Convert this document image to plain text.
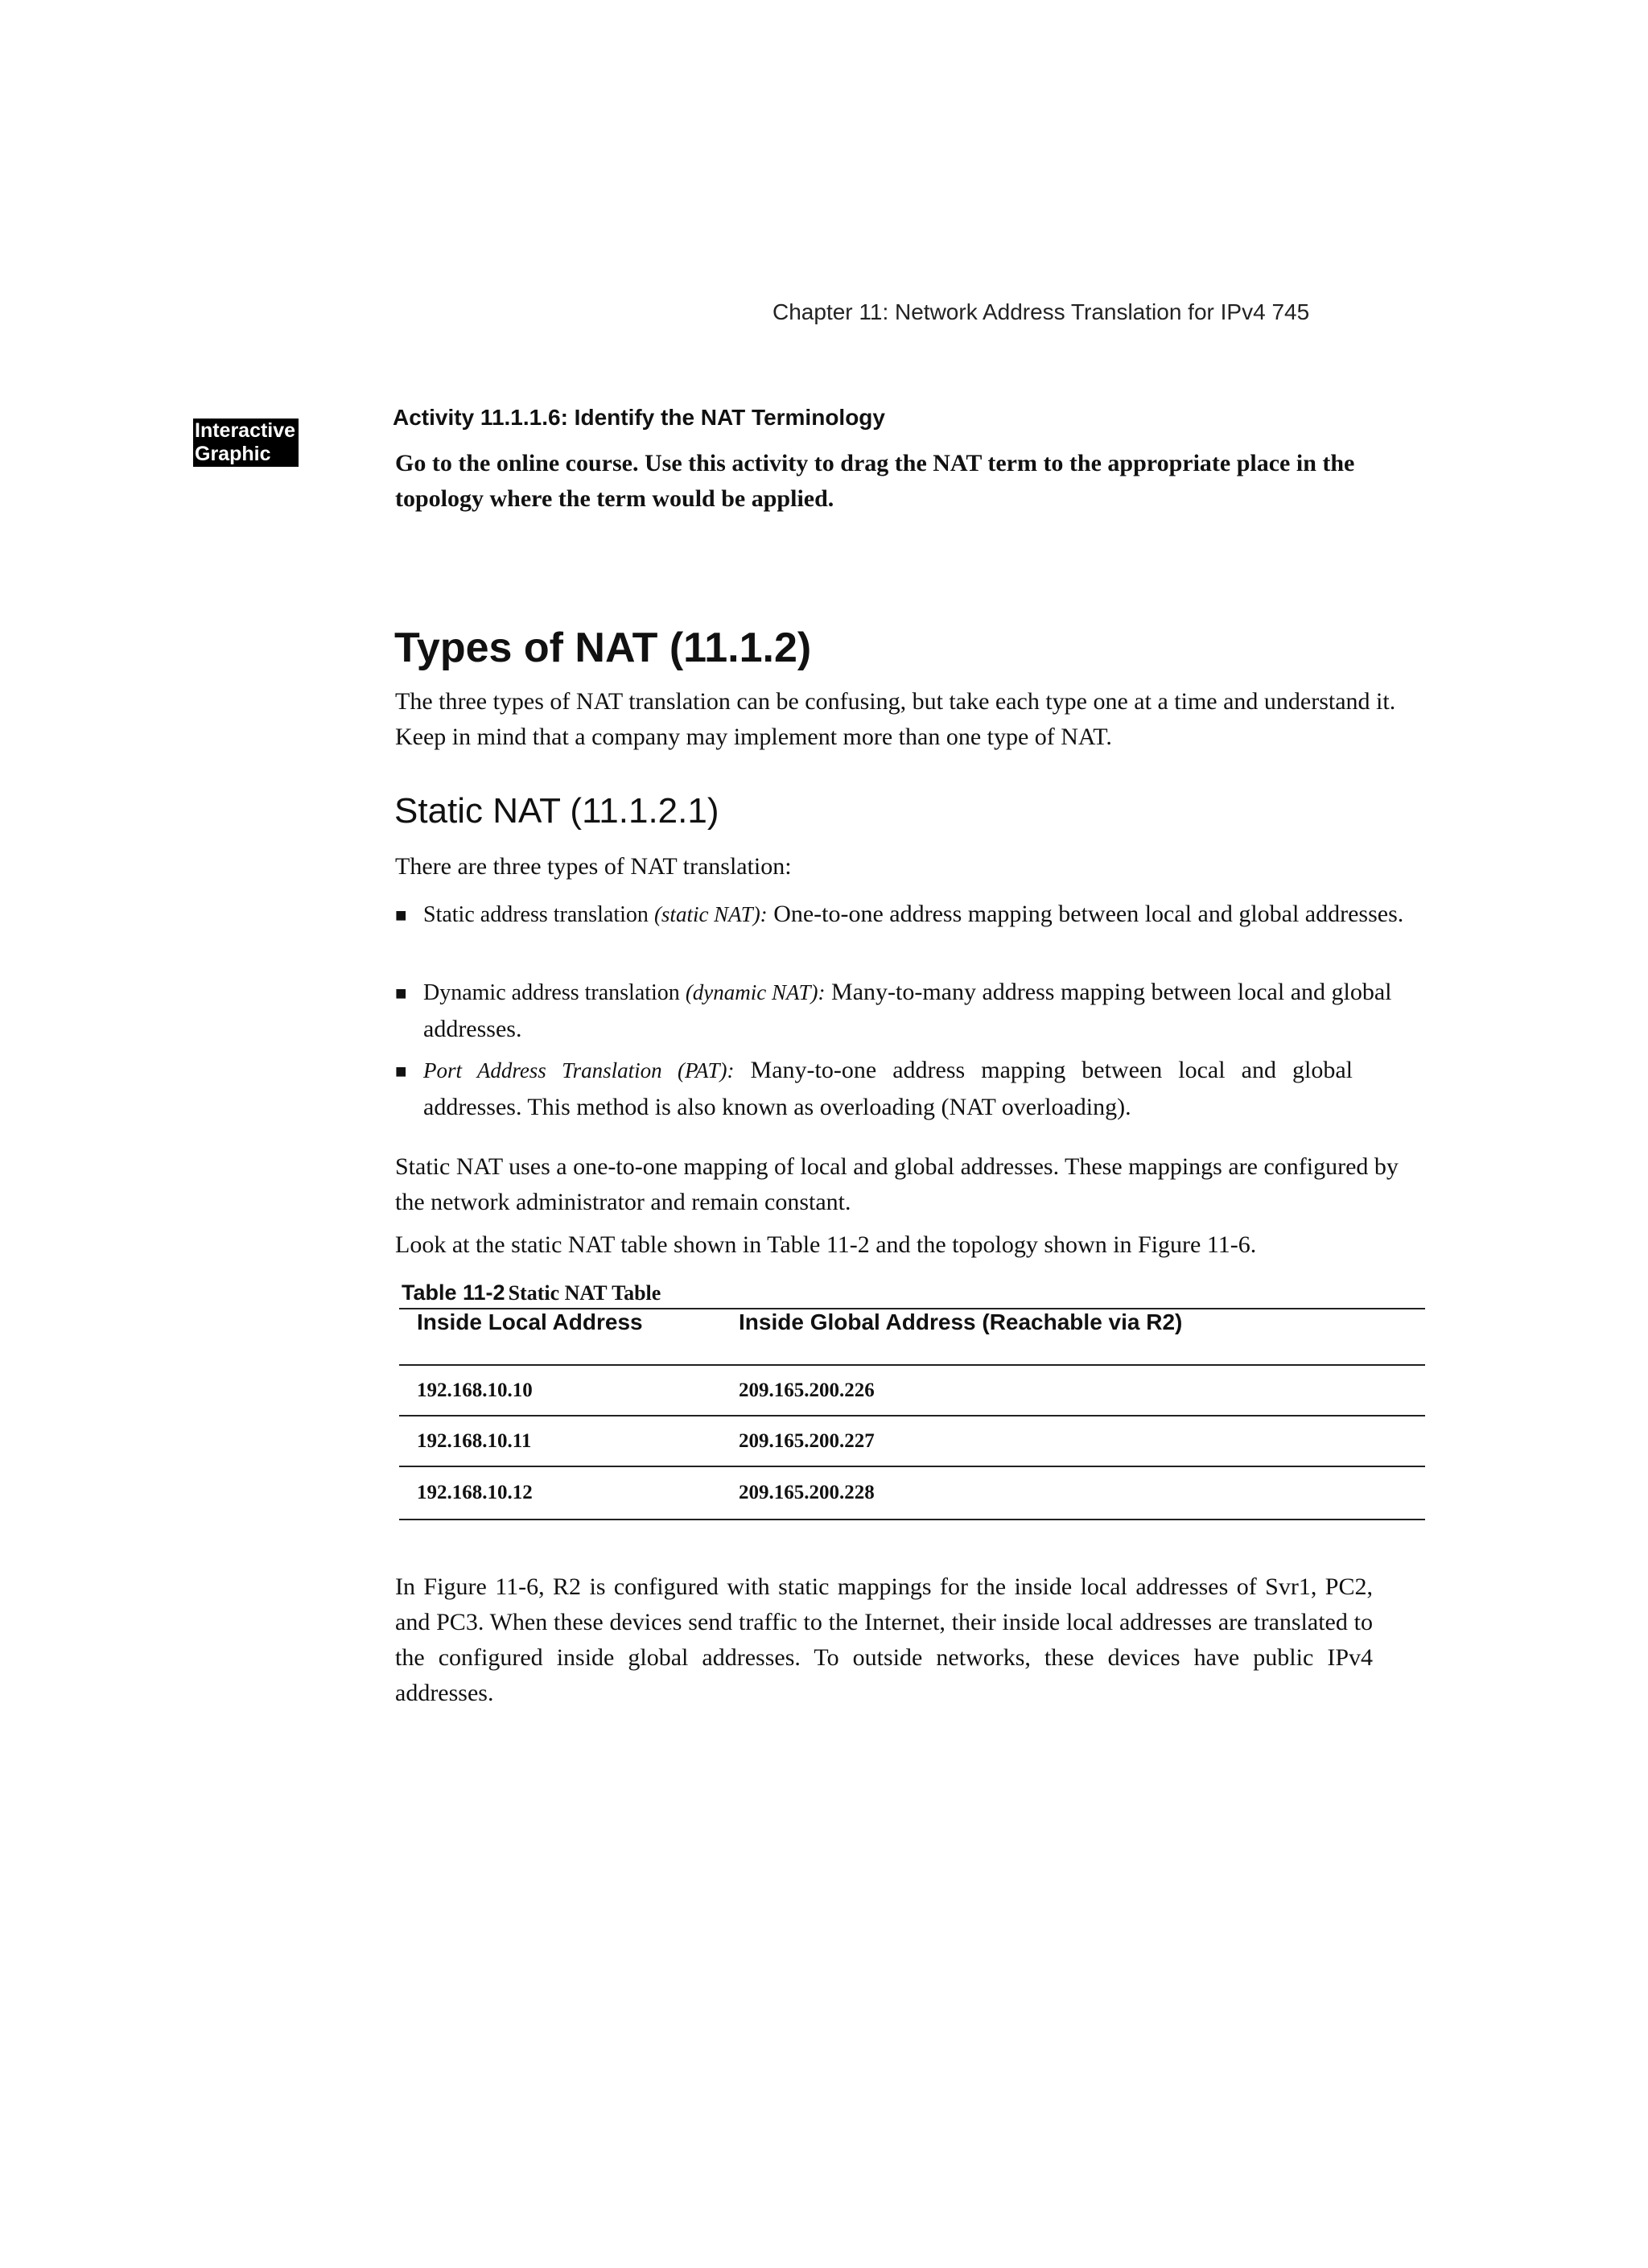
Chapter 11: Network Address Translation for IPv4 745
Interactive
Graphic
Activity 11.1.1.6: Identify the NAT Terminology
Go to the online course. Use this activity to drag the NAT term to the appropriate place in the topology where the term would be applied.
Types of NAT (11.1.2)

The three types of NAT translation can be confusing, but take each type one at a time and understand it. Keep in mind that a company may implement more than one type of NAT.

Static NAT (11.1.2.1)

There are three types of NAT translation:

■ Static address translation (static NAT): One-to-one address mapping between local and global addresses.
■ Dynamic address translation (dynamic NAT): Many-to-many address mapping between local and global addresses.
■ Port Address Translation (PAT): Many-to-one address mapping between local and global addresses. This method is also known as overloading (NAT overloading).

Static NAT uses a one-to-one mapping of local and global addresses. These mappings are configured by the network administrator and remain constant.

Look at the static NAT table shown in Table 11-2 and the topology shown in Figure 11-6.

Table 11-2 Static NAT Table
Inside Local Address	Inside Global Address (Reachable via R2)
192.168.10.10	209.165.200.226
192.168.10.11	209.165.200.227
192.168.10.12	209.165.200.228

In Figure 11-6, R2 is configured with static mappings for the inside local addresses of Svr1, PC2, and PC3. When these devices send traffic to the Internet, their inside local addresses are translated to the configured inside global addresses. To outside networks, these devices have public IPv4 addresses.
